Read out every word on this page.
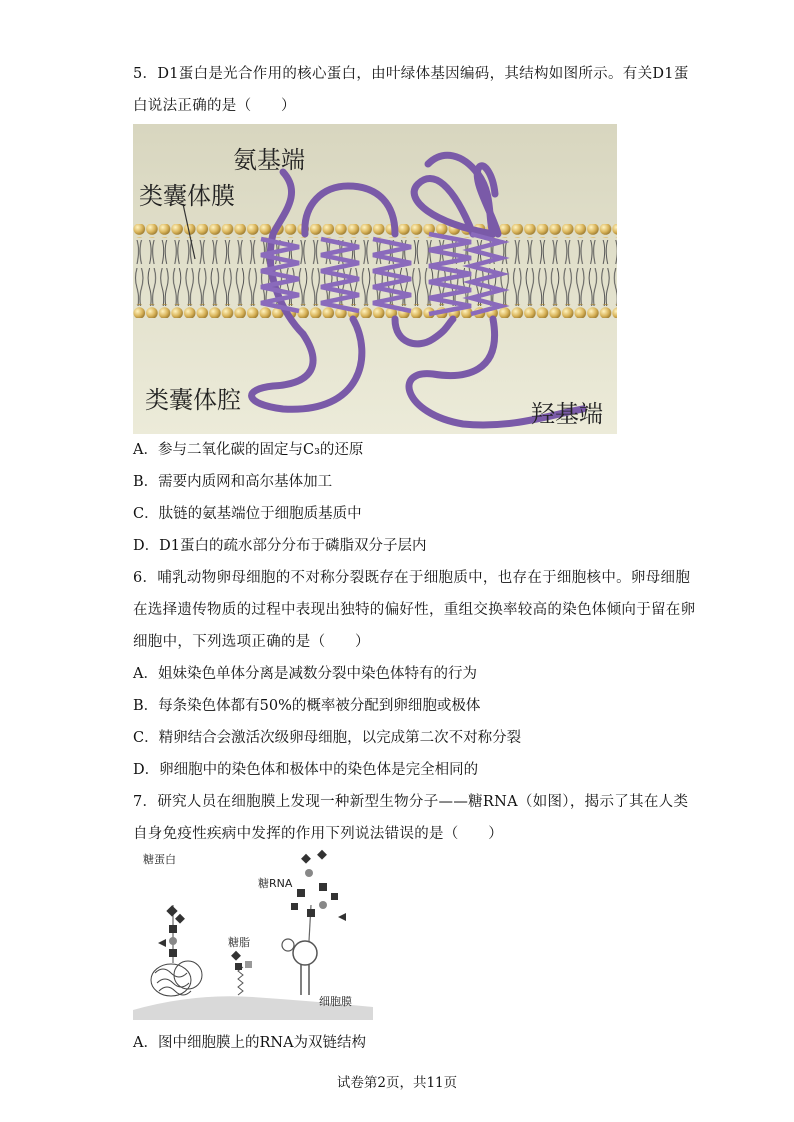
5．D1蛋白是光合作用的核心蛋白，由叶绿体基因编码，其结构如图所示。有关D1蛋
白说法正确的是（　　）
氨基端
类囊体膜
类囊体腔	羟基端
A．参与二氧化碳的固定与C₃的还原
B．需要内质网和高尔基体加工
C．肽链的氨基端位于细胞质基质中
D．D1蛋白的疏水部分分布于磷脂双分子层内
6．哺乳动物卵母细胞的不对称分裂既存在于细胞质中，也存在于细胞核中。卵母细胞
在选择遗传物质的过程中表现出独特的偏好性，重组交换率较高的染色体倾向于留在卵
细胞中，下列选项正确的是（　　）
A．姐妹染色单体分离是减数分裂中染色体特有的行为
B．每条染色体都有50%的概率被分配到卵细胞或极体
C．精卵结合会激活次级卵母细胞，以完成第二次不对称分裂
D．卵细胞中的染色体和极体中的染色体是完全相同的
7．研究人员在细胞膜上发现一种新型生物分子——糖RNA（如图），揭示了其在人类
自身免疫性疾病中发挥的作用下列说法错误的是（　　）
糖蛋白
糖脂
糖RNA
细胞膜
A．图中细胞膜上的RNA为双链结构
试卷第2页，共11页
